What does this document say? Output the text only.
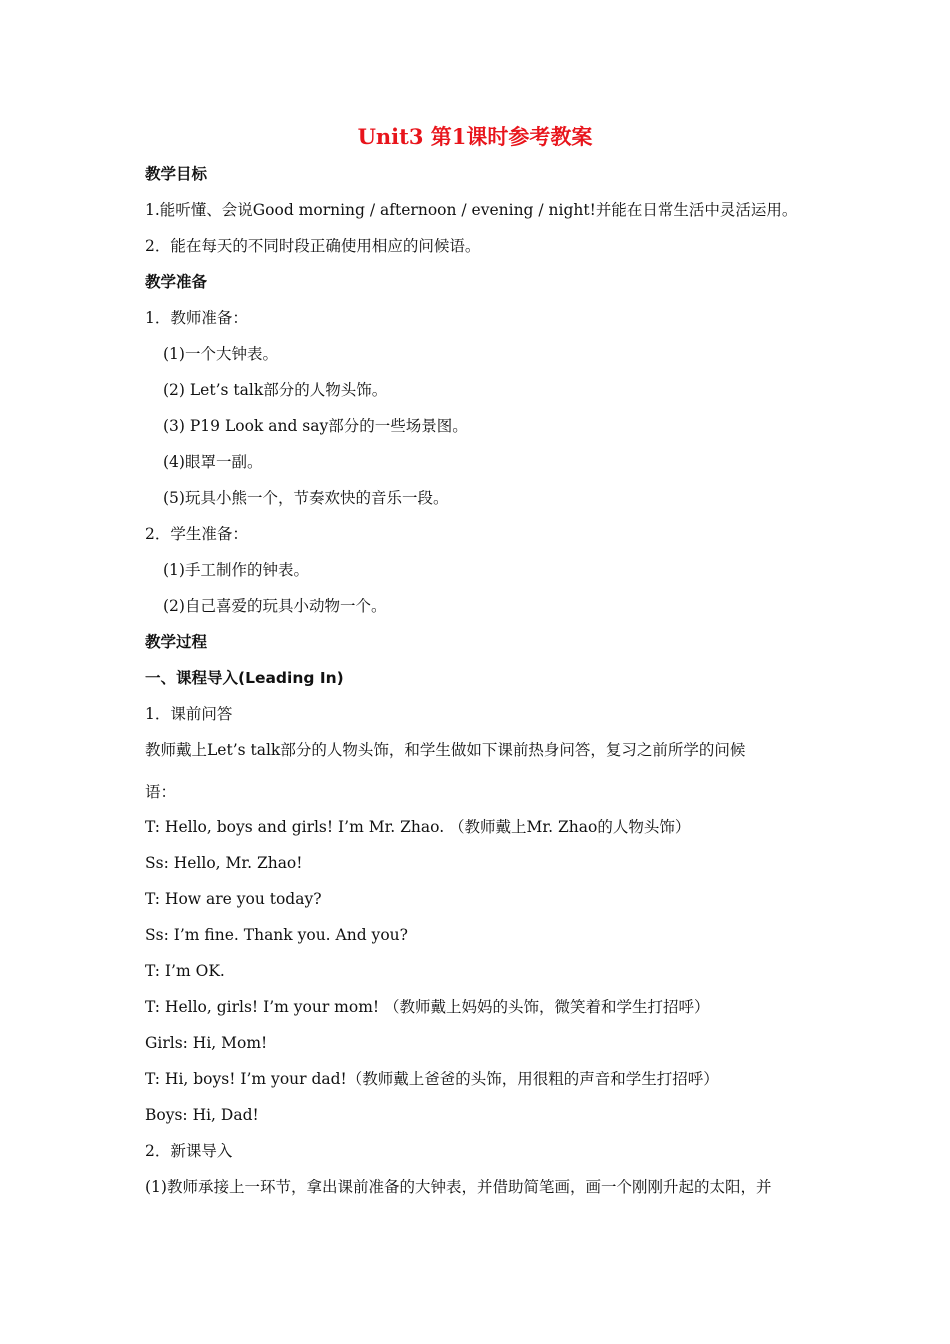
Unit3 第1课时参考教案
教学目标
1.能听懂、会说Good morning / afternoon / evening / night!并能在日常生活中灵活运用。
2．能在每天的不同时段正确使用相应的问候语。
教学准备
1．教师准备：
(1)一个大钟表。
(2) Let’s talk部分的人物头饰。
(3) P19 Look and say部分的一些场景图。
(4)眼罩一副。
(5)玩具小熊一个，节奏欢快的音乐一段。
2．学生准备：
(1)手工制作的钟表。
(2)自己喜爱的玩具小动物一个。
教学过程
一、课程导入(Leading In)
1．课前问答
教师戴上Let’s talk部分的人物头饰，和学生做如下课前热身问答，复习之前所学的问候
语：
T: Hello, boys and girls! I’m Mr. Zhao. （教师戴上Mr. Zhao的人物头饰）
Ss: Hello, Mr. Zhao!
T: How are you today?
Ss: I’m fine. Thank you. And you?
T: I’m OK.
T: Hello, girls! I’m your mom! （教师戴上妈妈的头饰，微笑着和学生打招呼）
Girls: Hi, Mom!
T: Hi, boys! I’m your dad!（教师戴上爸爸的头饰，用很粗的声音和学生打招呼）
Boys: Hi, Dad!
2．新课导入
(1)教师承接上一环节，拿出课前准备的大钟表，并借助简笔画，画一个刚刚升起的太阳，并
